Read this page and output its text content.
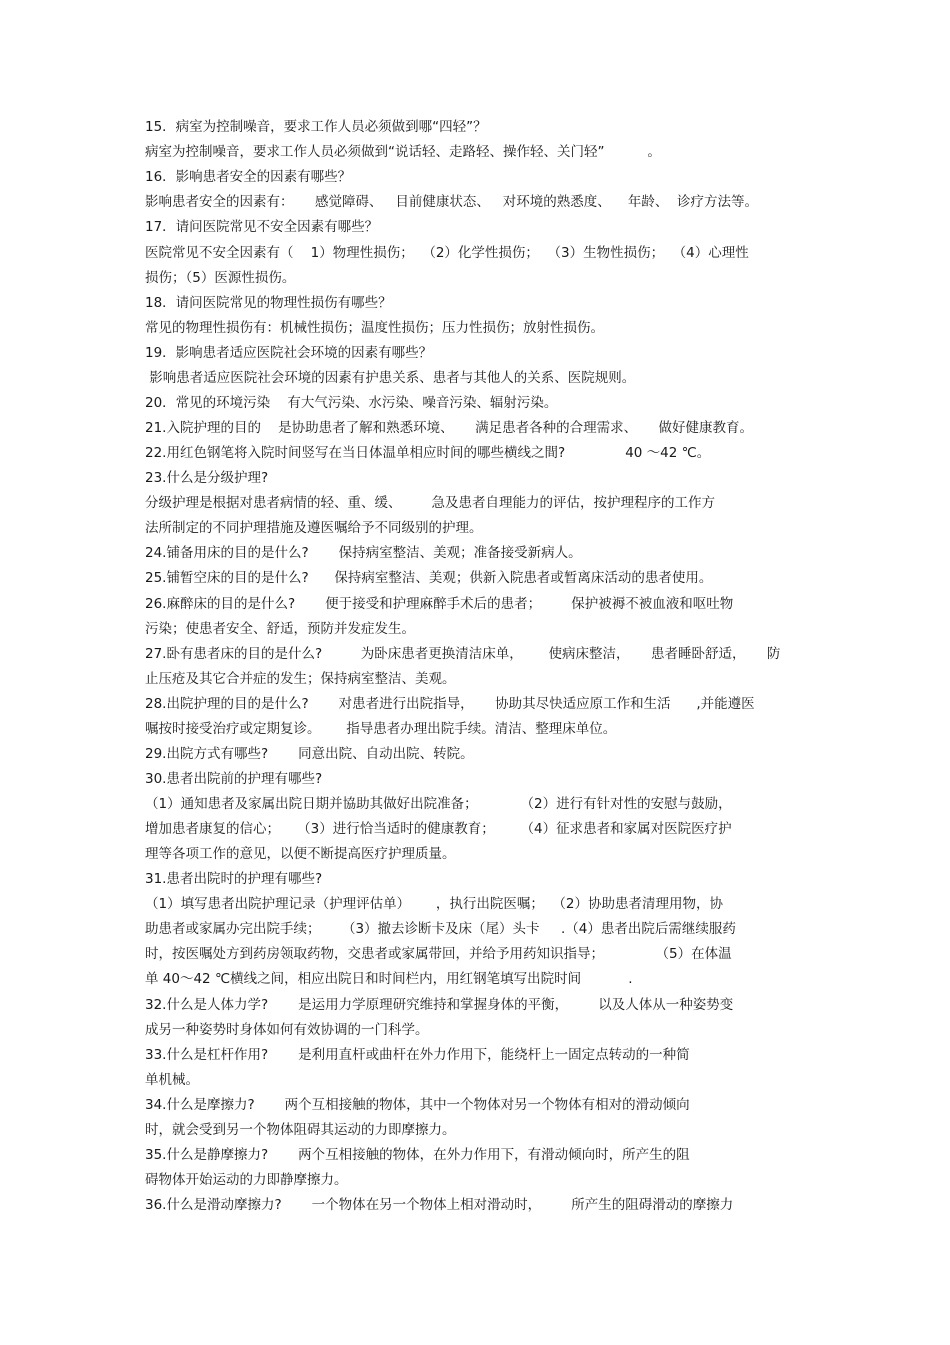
15．病室为控制噪音，要求工作人员必须做到哪“四轻”？
病室为控制噪音，要求工作人员必须做到“说话轻、走路轻、操作轻、关门轻”          。
16．影响患者安全的因素有哪些？
影响患者安全的因素有：     感觉障碍、   目前健康状态、   对环境的熟悉度、    年龄、  诊疗方法等。
17．请问医院常见不安全因素有哪些？
医院常见不安全因素有（    1）物理性损伤；  （2）化学性损伤；  （3）生物性损伤；  （4）心理性
损伤；（5）医源性损伤。
18．请问医院常见的物理性损伤有哪些？
常见的物理性损伤有：机械性损伤；温度性损伤；压力性损伤；放射性损伤。
19．影响患者适应医院社会环境的因素有哪些？
影响患者适应医院社会环境的因素有护患关系、患者与其他人的关系、医院规则。
20．常见的环境污染    有大气污染、水污染、噪音污染、辐射污染。
21.入院护理的目的    是协助患者了解和熟悉环境、     满足患者各种的合理需求、     做好健康教育。
22.用红色钢笔将入院时间竖写在当日体温单相应时间的哪些横线之間?              40 ～42 ℃。
23.什么是分级护理?
分级护理是根据对患者病情的轻、重、缓、       急及患者自理能力的评估，按护理程序的工作方
法所制定的不同护理措施及遵医嘱给予不同级别的护理。
24.铺备用床的目的是什么?       保持病室整洁、美观；准备接受新病人。
25.铺暂空床的目的是什么?      保持病室整洁、美观；供新入院患者或暂离床活动的患者使用。
26.麻醉床的目的是什么?       便于接受和护理麻醉手术后的患者；       保护被褥不被血液和呕吐物
污染；使患者安全、舒适，预防并发症发生。
27.卧有患者床的目的是什么?         为卧床患者更换清洁床单，      使病床整洁，     患者睡卧舒适，     防
止压疮及其它合并症的发生；保持病室整洁、美观。
28.出院护理的目的是什么?       对患者进行出院指导，     协助其尽快适应原工作和生活      ,并能遵医
嘱按时接受治疗或定期复诊。      指导患者办理出院手续。清洁、整理床单位。
29.出院方式有哪些?       同意出院、自动出院、转院。
30.患者出院前的护理有哪些?
（1）通知患者及家属出院日期并協助其做好出院准备；          （2）进行有针对性的安慰与鼓励，
增加患者康复的信心；    （3）进行恰当适时的健康教育；      （4）征求患者和家属对医院医疗护
理等各项工作的意见，以便不断提高医疗护理质量。
31.患者出院时的护理有哪些?
（1）填写患者出院护理记录（护理评估单）      ，执行出院医嘱；  （2）协助患者清理用物，协
助患者或家属办完出院手续；     （3）撤去诊断卡及床（尾）头卡     .（4）患者出院后需继续服药
时，按医嘱处方到药房领取药物，交患者或家属带回，并给予用药知识指导；            （5）在体温
单 40～42 ℃横线之间，相应出院日和时间栏内，用红钢笔填写出院时间           .
32.什么是人体力学?       是运用力学原理研究维持和掌握身体的平衡，       以及人体从一种姿势变
成另一种姿势时身体如何有效协调的一门科学。
33.什么是杠杆作用?       是利用直杆或曲杆在外力作用下，能绕杆上一固定点转动的一种简
单机械。
34.什么是摩擦力?       两个互相接触的物体，其中一个物体对另一个物体有相对的滑动倾向
时，就会受到另一个物体阻碍其运动的力即摩擦力。
35.什么是静摩擦力?       两个互相接触的物体，在外力作用下，有滑动倾向时，所产生的阻
碍物体开始运动的力即静摩擦力。
36.什么是滑动摩擦力?       一个物体在另一个物体上相对滑动时，       所产生的阻碍滑动的摩擦力
